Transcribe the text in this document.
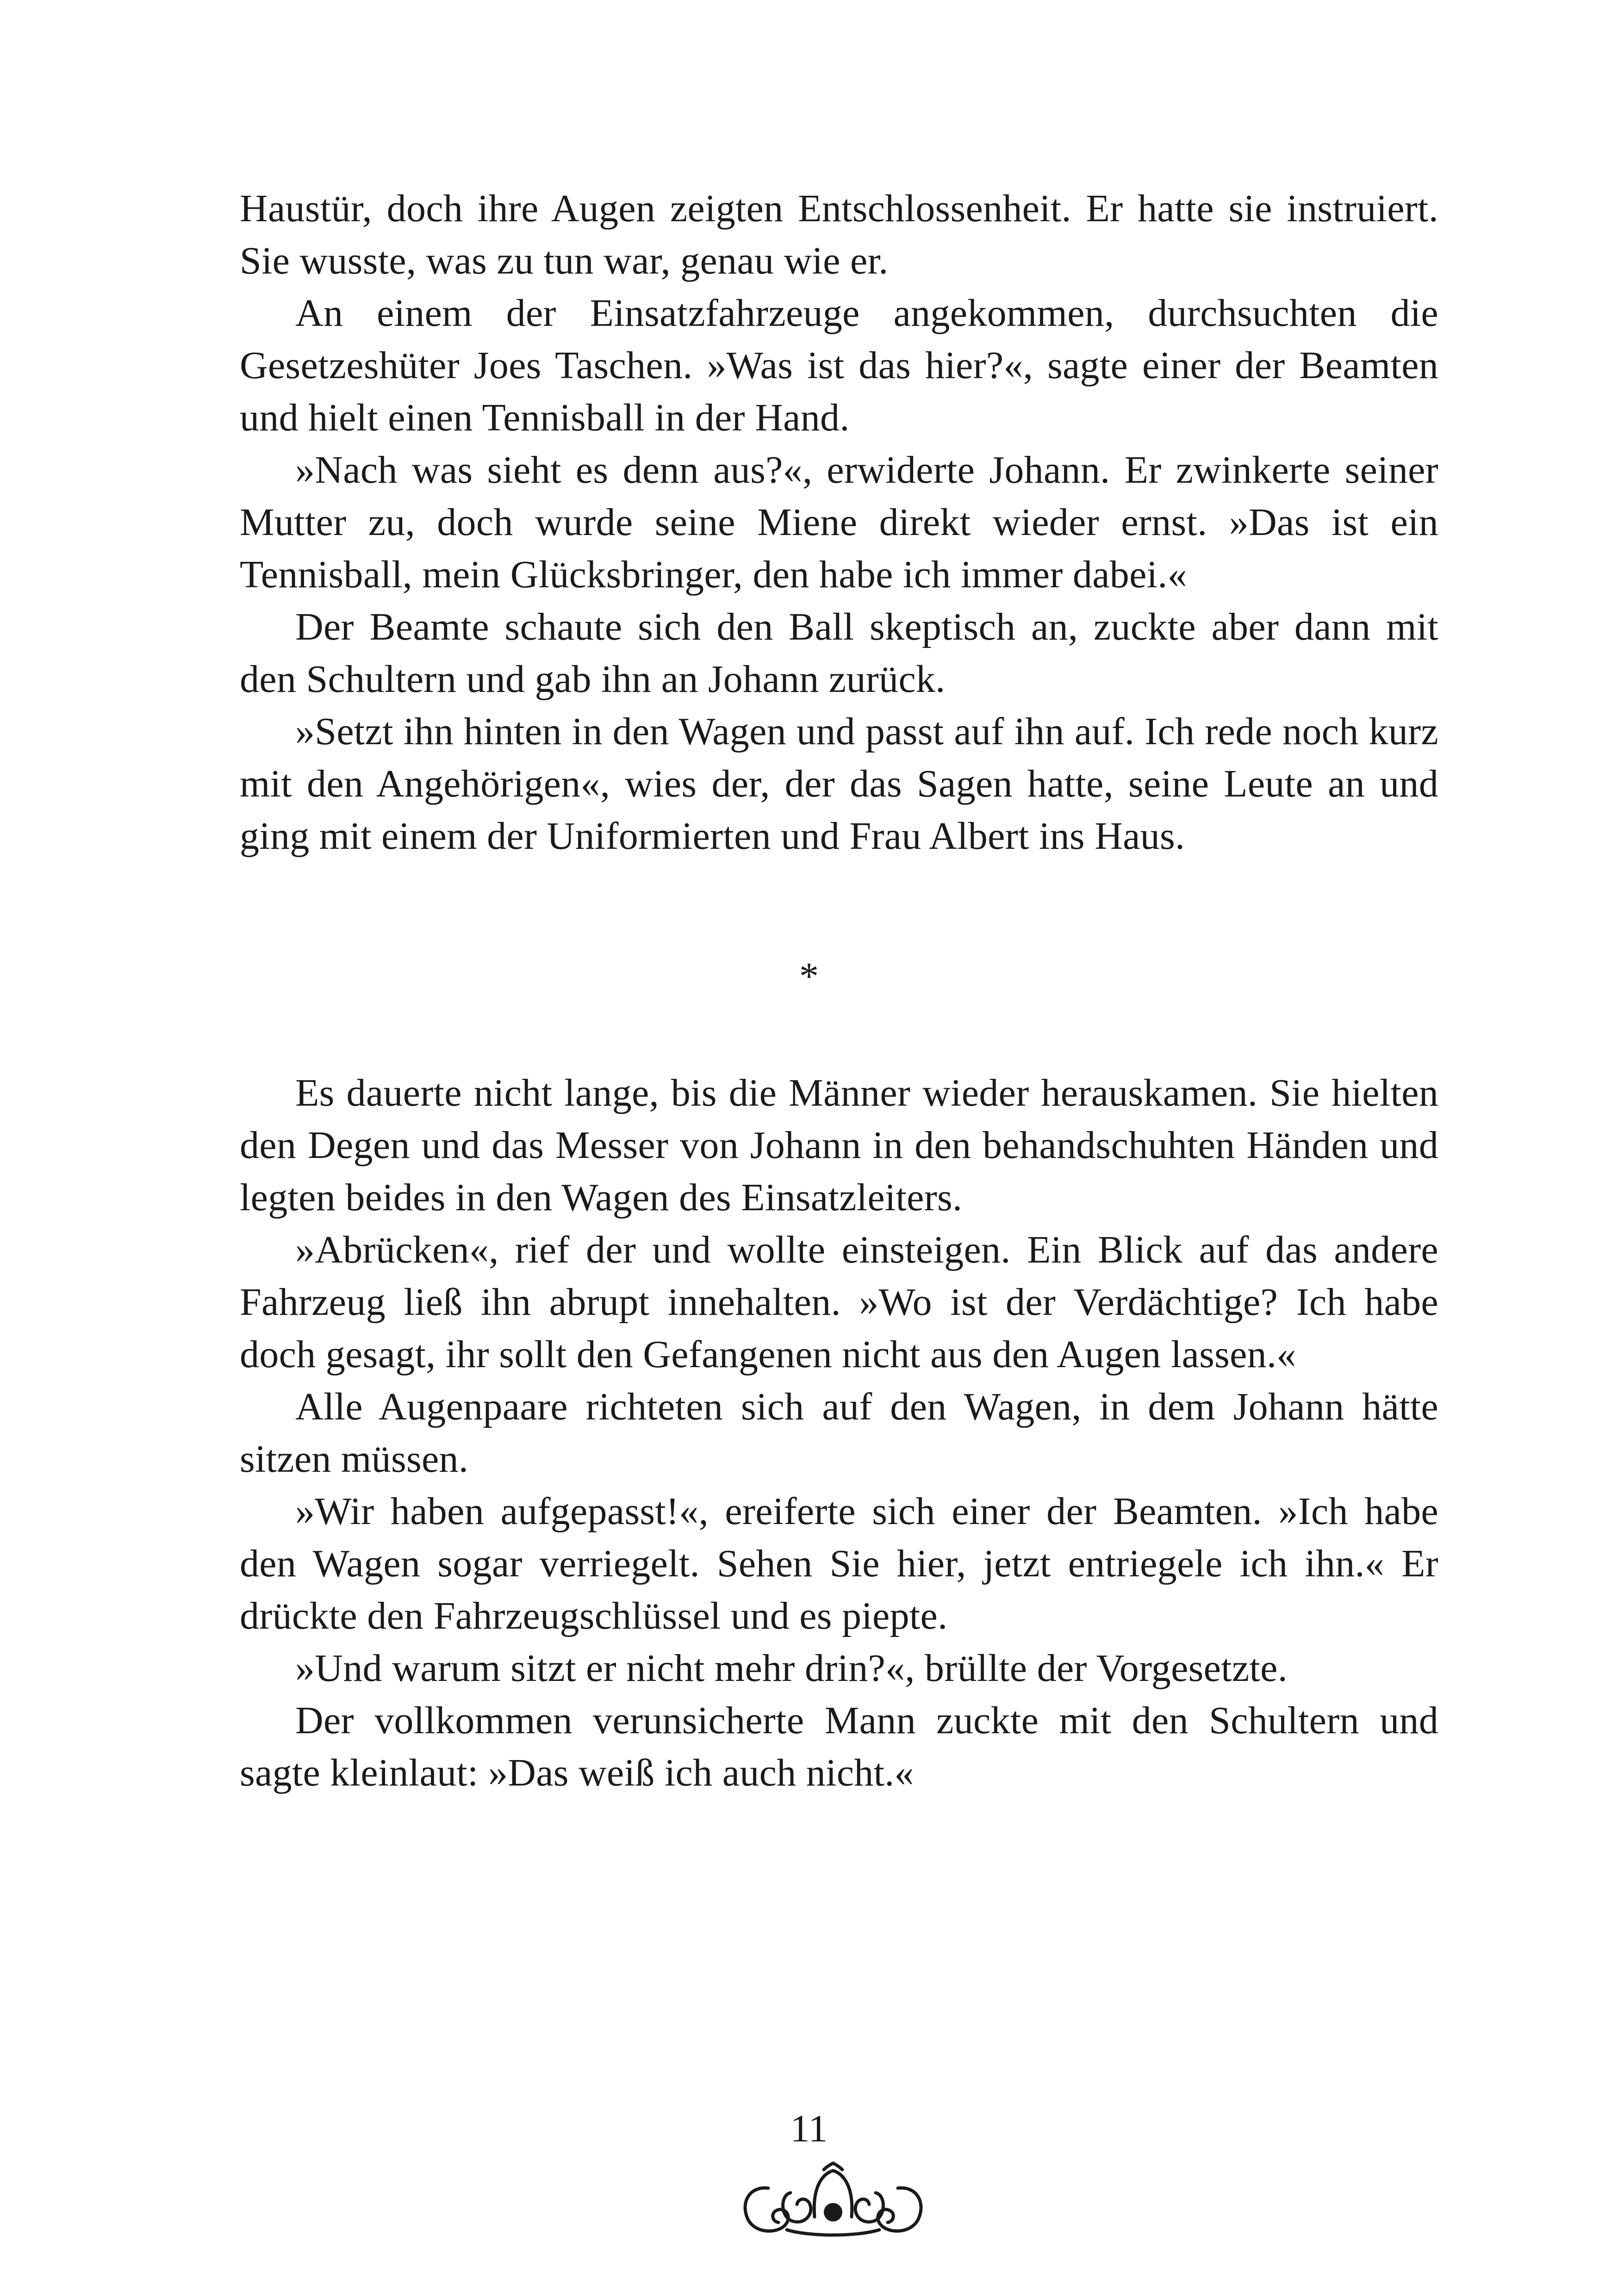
Haustür, doch ihre Augen zeigten Entschlossenheit. Er hatte sie instruiert. Sie wusste, was zu tun war, genau wie er.

An einem der Einsatzfahrzeuge angekommen, durchsuchten die Gesetzeshüter Joes Taschen. »Was ist das hier?«, sagte einer der Beamten und hielt einen Tennisball in der Hand.

»Nach was sieht es denn aus?«, erwiderte Johann. Er zwinkerte seiner Mutter zu, doch wurde seine Miene direkt wieder ernst. »Das ist ein Tennisball, mein Glücksbringer, den habe ich immer dabei.«

Der Beamte schaute sich den Ball skeptisch an, zuckte aber dann mit den Schultern und gab ihn an Johann zurück.

»Setzt ihn hinten in den Wagen und passt auf ihn auf. Ich rede noch kurz mit den Angehörigen«, wies der, der das Sagen hatte, seine Leute an und ging mit einem der Uniformierten und Frau Albert ins Haus.

*

Es dauerte nicht lange, bis die Männer wieder herauskamen. Sie hielten den Degen und das Messer von Johann in den behandschuhten Händen und legten beides in den Wagen des Einsatzleiters.

»Abrücken«, rief der und wollte einsteigen. Ein Blick auf das andere Fahrzeug ließ ihn abrupt innehalten. »Wo ist der Verdächtige? Ich habe doch gesagt, ihr sollt den Gefangenen nicht aus den Augen lassen.«

Alle Augenpaare richteten sich auf den Wagen, in dem Johann hätte sitzen müssen.

»Wir haben aufgepasst!«, ereiferte sich einer der Beamten. »Ich habe den Wagen sogar verriegelt. Sehen Sie hier, jetzt entriegele ich ihn.« Er drückte den Fahrzeugschlüssel und es piepte.

»Und warum sitzt er nicht mehr drin?«, brüllte der Vorgesetzte.

Der vollkommen verunsicherte Mann zuckte mit den Schultern und sagte kleinlaut: »Das weiß ich auch nicht.«

11
